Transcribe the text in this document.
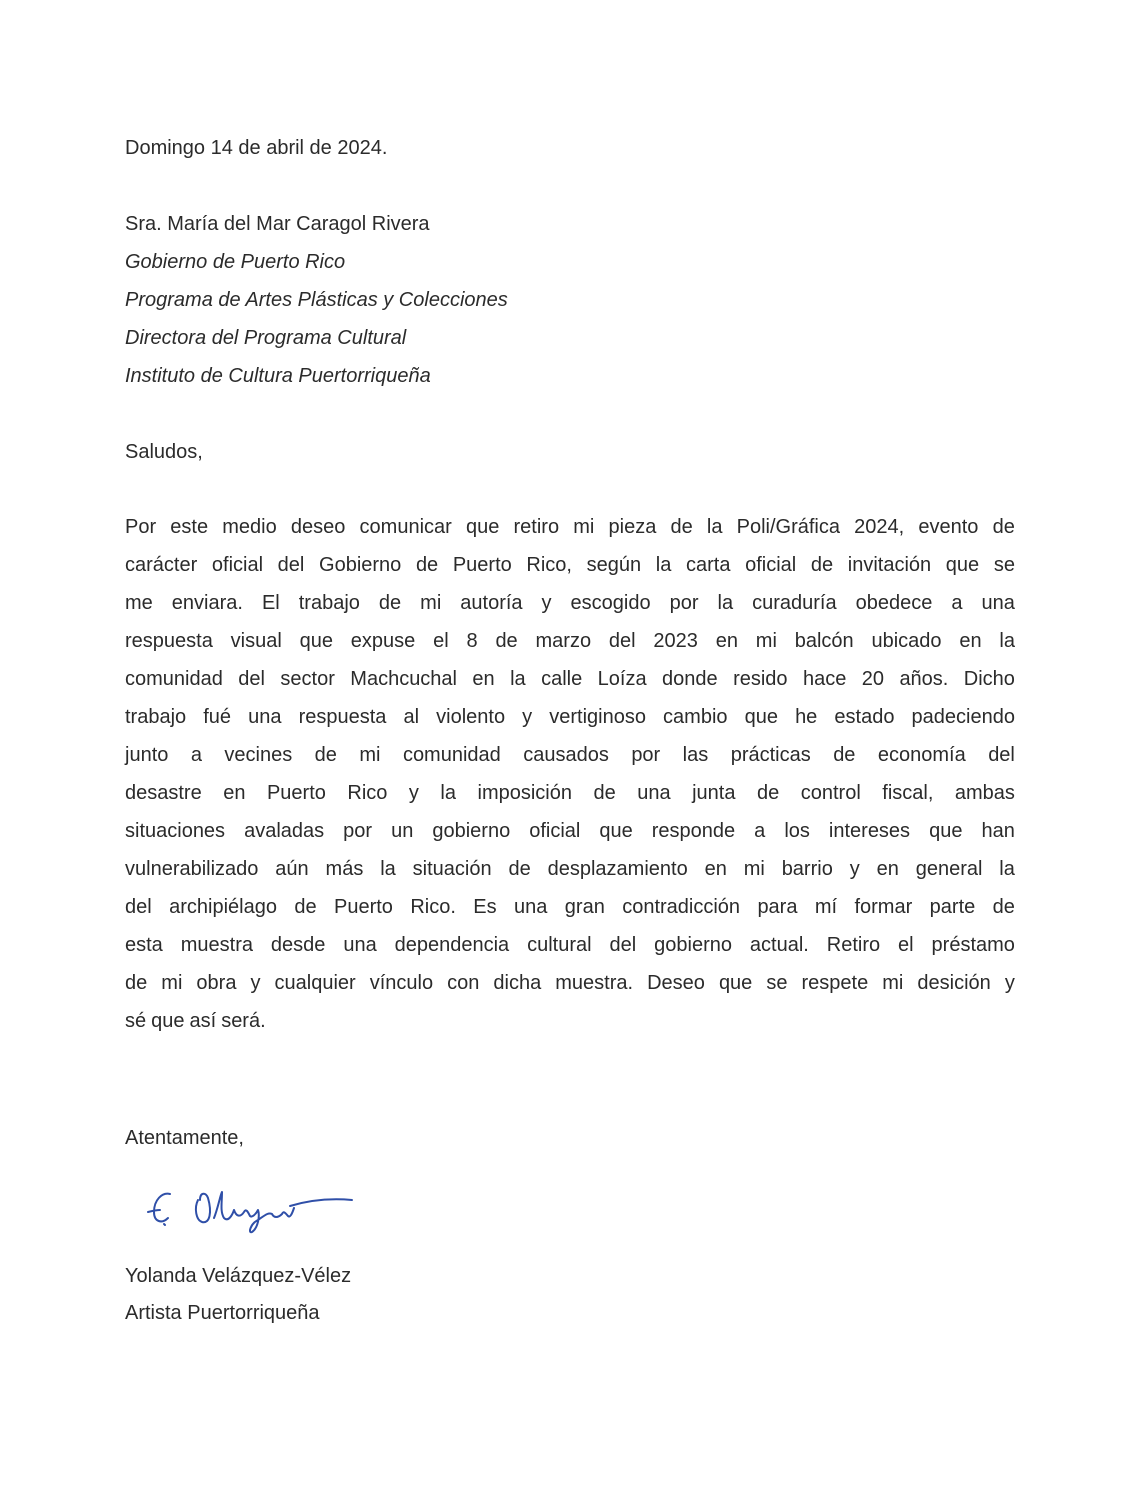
Domingo 14 de abril de 2024.
Sra. María del Mar Caragol Rivera
Gobierno de Puerto Rico
Programa de Artes Plásticas y Colecciones
Directora del Programa Cultural
Instituto de Cultura Puertorriqueña
Saludos,
Por este medio deseo comunicar que retiro mi pieza de la Poli/Gráfica 2024, evento de
carácter oficial del Gobierno de Puerto Rico, según la carta oficial de invitación que se
me enviara. El trabajo de mi autoría y escogido por la curaduría obedece a una
respuesta visual que expuse el 8 de marzo del 2023 en mi balcón ubicado en la
comunidad del sector Machcuchal en la calle Loíza donde resido hace 20 años. Dicho
trabajo fué una respuesta al violento y vertiginoso cambio que he estado padeciendo
junto a vecines de mi comunidad causados por las prácticas de economía del
desastre en Puerto Rico y la imposición de una junta de control fiscal, ambas
situaciones avaladas por un gobierno oficial que responde a los intereses que han
vulnerabilizado aún más la situación de desplazamiento en mi barrio y en general la
del archipiélago de Puerto Rico. Es una gran contradicción para mí formar parte de
esta muestra desde una dependencia cultural del gobierno actual. Retiro el préstamo
de mi obra y cualquier vínculo con dicha muestra. Deseo que se respete mi desición y
sé que así será.
Atentamente,
Yolanda Velázquez-Vélez
Artista Puertorriqueña
